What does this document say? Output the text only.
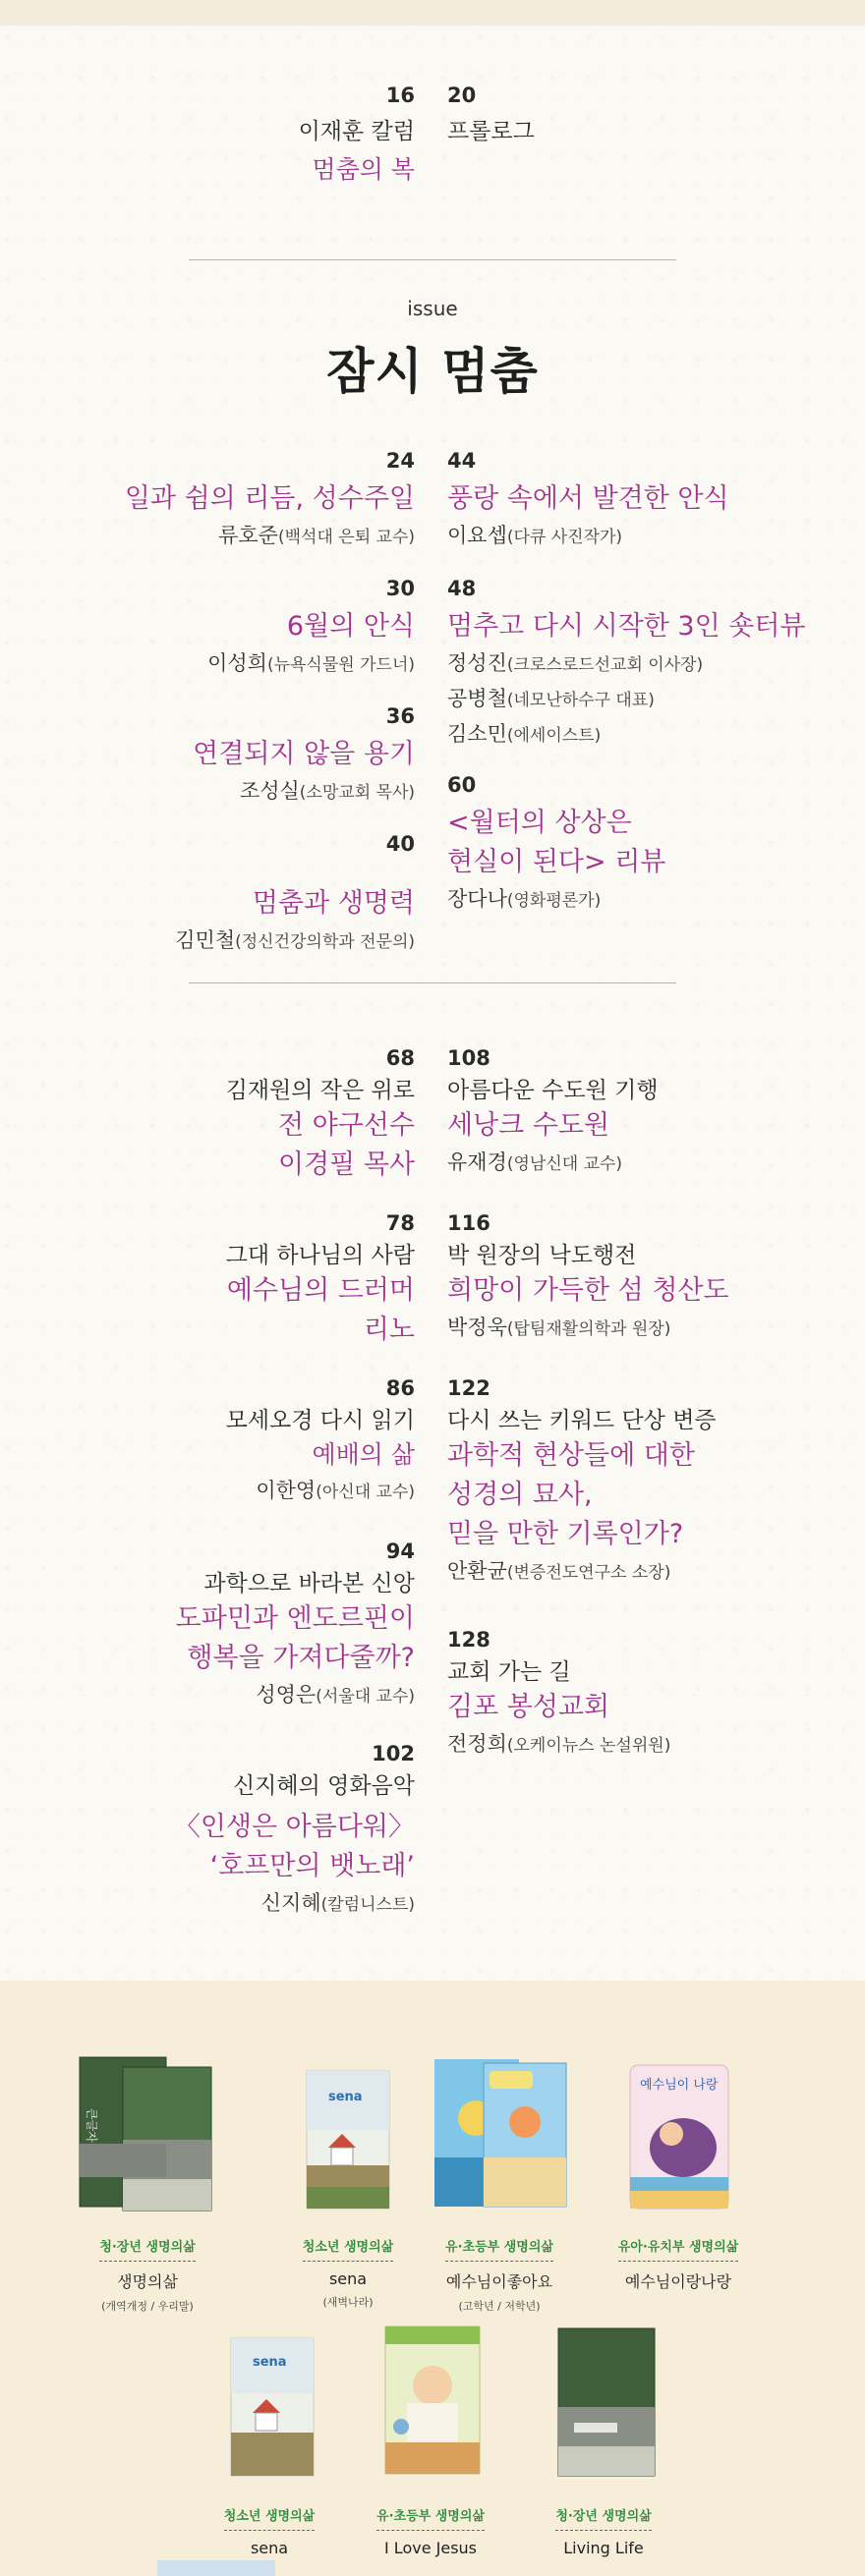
16
이재훈 칼럼
멈춤의 복
20
프롤로그
issue
잠시 멈춤
24
일과 쉼의 리듬, 성수주일
류호준(백석대 은퇴 교수)
30
6월의 안식
이성희(뉴욕식물원 가드너)
36
연결되지 않을 용기
조성실(소망교회 목사)
40
멈춤과 생명력
김민철(정신건강의학과 전문의)
44
풍랑 속에서 발견한 안식
이요셉(다큐 사진작가)
48
멈추고 다시 시작한 3인 숏터뷰
정성진(크로스로드선교회 이사장)
공병철(네모난하수구 대표)
김소민(에세이스트)
60
<월터의 상상은
현실이 된다> 리뷰
장다나(영화평론가)
68
김재원의 작은 위로
전 야구선수
이경필 목사
78
그대 하나님의 사람
예수님의 드러머
리노
86
모세오경 다시 읽기
예배의 삶
이한영(아신대 교수)
94
과학으로 바라본 신앙
도파민과 엔도르핀이
행복을 가져다줄까?
성영은(서울대 교수)
102
신지혜의 영화음악
〈인생은 아름다워〉
‘호프만의 뱃노래’
신지혜(칼럼니스트)
108
아름다운 수도원 기행
세낭크 수도원
유재경(영남신대 교수)
116
박 원장의 낙도행전
희망이 가득한 섬 청산도
박정욱(탑팀재활의학과 원장)
122
다시 쓰는 키워드 단상 변증
과학적 현상들에 대한
성경의 묘사,
믿을 만한 기록인가?
안환균(변증전도연구소 소장)
128
교회 가는 길
김포 봉성교회
전정희(오케이뉴스 논설위원)
큰글자
청·장년 생명의삶
생명의삶
(개역개정 / 우리말)
sena
청소년 생명의삶
sena
(새벽나라)
유·초등부 생명의삶
예수님이좋아요
(고학년 / 저학년)
예수님이 나랑
유아·유치부 생명의삶
예수님이랑나랑
sena
청소년 생명의삶
sena
유·초등부 생명의삶
I Love Jesus
청·장년 생명의삶
Living Life
